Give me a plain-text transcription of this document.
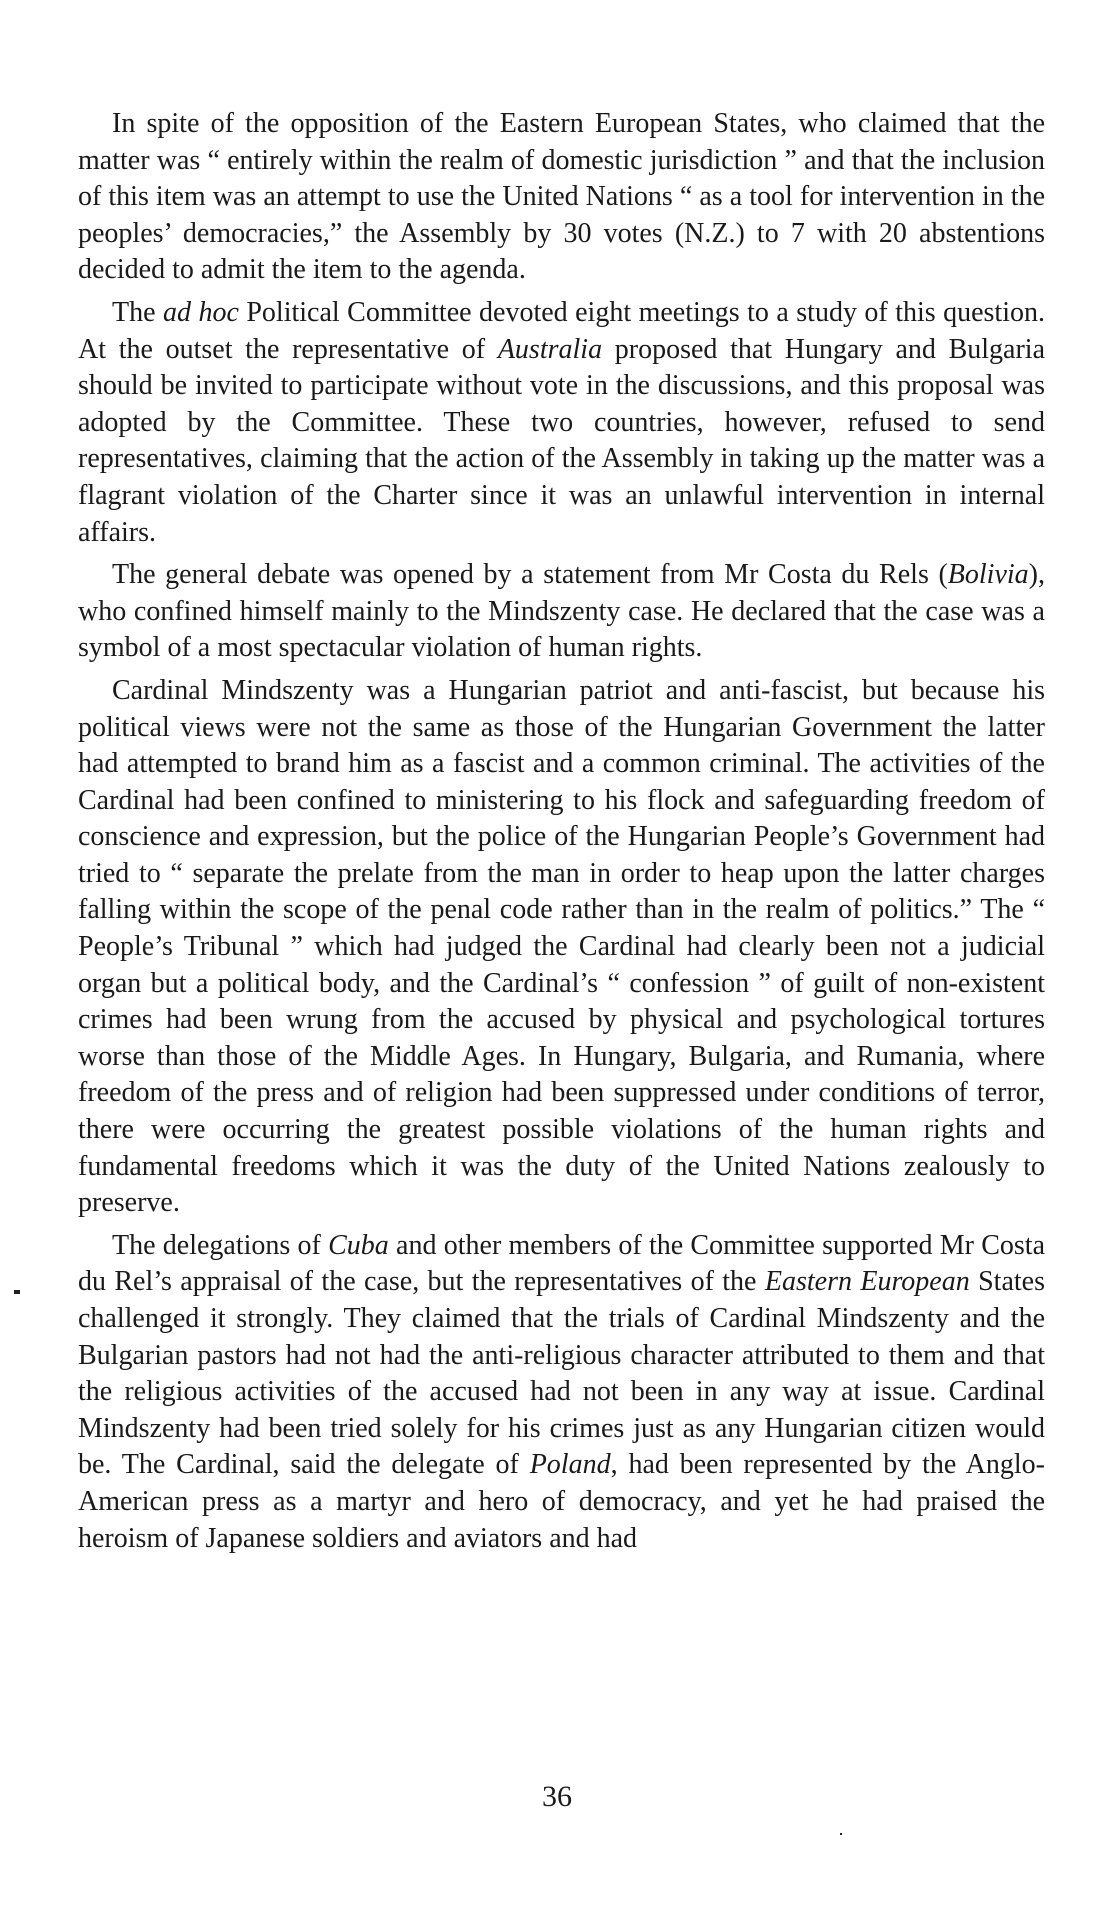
In spite of the opposition of the Eastern European States, who claimed that the matter was “ entirely within the realm of domestic jurisdiction ” and that the inclusion of this item was an attempt to use the United Nations “ as a tool for intervention in the peoples’ democracies,” the Assembly by 30 votes (N.Z.) to 7 with 20 abstentions decided to admit the item to the agenda.

The ad hoc Political Committee devoted eight meetings to a study of this question. At the outset the representative of Australia proposed that Hungary and Bulgaria should be invited to participate without vote in the discussions, and this proposal was adopted by the Committee. These two countries, however, refused to send representatives, claiming that the action of the Assembly in taking up the matter was a flagrant violation of the Charter since it was an unlawful intervention in internal affairs.

The general debate was opened by a statement from Mr Costa du Rels (Bolivia), who confined himself mainly to the Mindszenty case. He declared that the case was a symbol of a most spectacular violation of human rights.

Cardinal Mindszenty was a Hungarian patriot and anti-fascist, but because his political views were not the same as those of the Hungarian Government the latter had attempted to brand him as a fascist and a common criminal. The activities of the Cardinal had been confined to ministering to his flock and safeguarding freedom of conscience and expression, but the police of the Hungarian People’s Government had tried to “ separate the prelate from the man in order to heap upon the latter charges falling within the scope of the penal code rather than in the realm of politics.” The “ People’s Tribunal ” which had judged the Cardinal had clearly been not a judicial organ but a political body, and the Cardinal’s “ confession ” of guilt of non-existent crimes had been wrung from the accused by physical and psychological tortures worse than those of the Middle Ages. In Hungary, Bulgaria, and Rumania, where freedom of the press and of religion had been suppressed under conditions of terror, there were occurring the greatest possible violations of the human rights and fundamental freedoms which it was the duty of the United Nations zealously to preserve.

The delegations of Cuba and other members of the Committee supported Mr Costa du Rel’s appraisal of the case, but the representatives of the Eastern European States challenged it strongly. They claimed that the trials of Cardinal Mindszenty and the Bulgarian pastors had not had the anti-religious character attributed to them and that the religious activities of the accused had not been in any way at issue. Cardinal Mindszenty had been tried solely for his crimes just as any Hungarian citizen would be. The Cardinal, said the delegate of Poland, had been represented by the Anglo-American press as a martyr and hero of democracy, and yet he had praised the heroism of Japanese soldiers and aviators and had

36
